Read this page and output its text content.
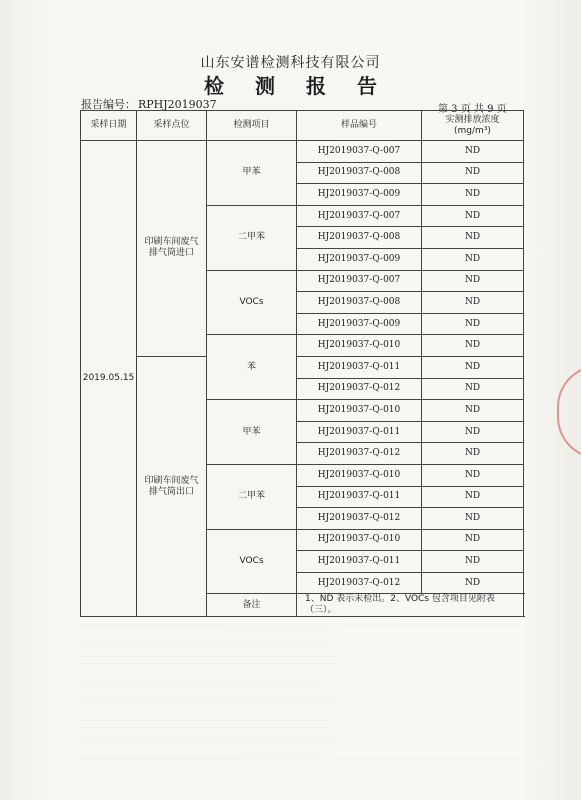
山东安谱检测科技有限公司
检 测 报 告
报告编号： RPHJ2019037	第 3 页 共 9 页
采样日期	采样点位	检测项目	样品编号	实测排放浓度
(mg/m³)
2019.05.15	印刷车间废气排气筒进口	甲苯	HJ2019037-Q-007	ND
			HJ2019037-Q-008	ND
			HJ2019037-Q-009	ND
		二甲苯	HJ2019037-Q-007	ND
			HJ2019037-Q-008	ND
			HJ2019037-Q-009	ND
		VOCs	HJ2019037-Q-007	ND
			HJ2019037-Q-008	ND
			HJ2019037-Q-009	ND
		苯	HJ2019037-Q-010	ND
	印刷车间废气排气筒出口		HJ2019037-Q-011	ND
			HJ2019037-Q-012	ND
		甲苯	HJ2019037-Q-010	ND
			HJ2019037-Q-011	ND
			HJ2019037-Q-012	ND
		二甲苯	HJ2019037-Q-010	ND
			HJ2019037-Q-011	ND
			HJ2019037-Q-012	ND
		VOCs	HJ2019037-Q-010	ND
			HJ2019037-Q-011	ND
			HJ2019037-Q-012	ND
		备注	1、ND 表示未检出。2、VOCs 包含项目见附表（三）。	
